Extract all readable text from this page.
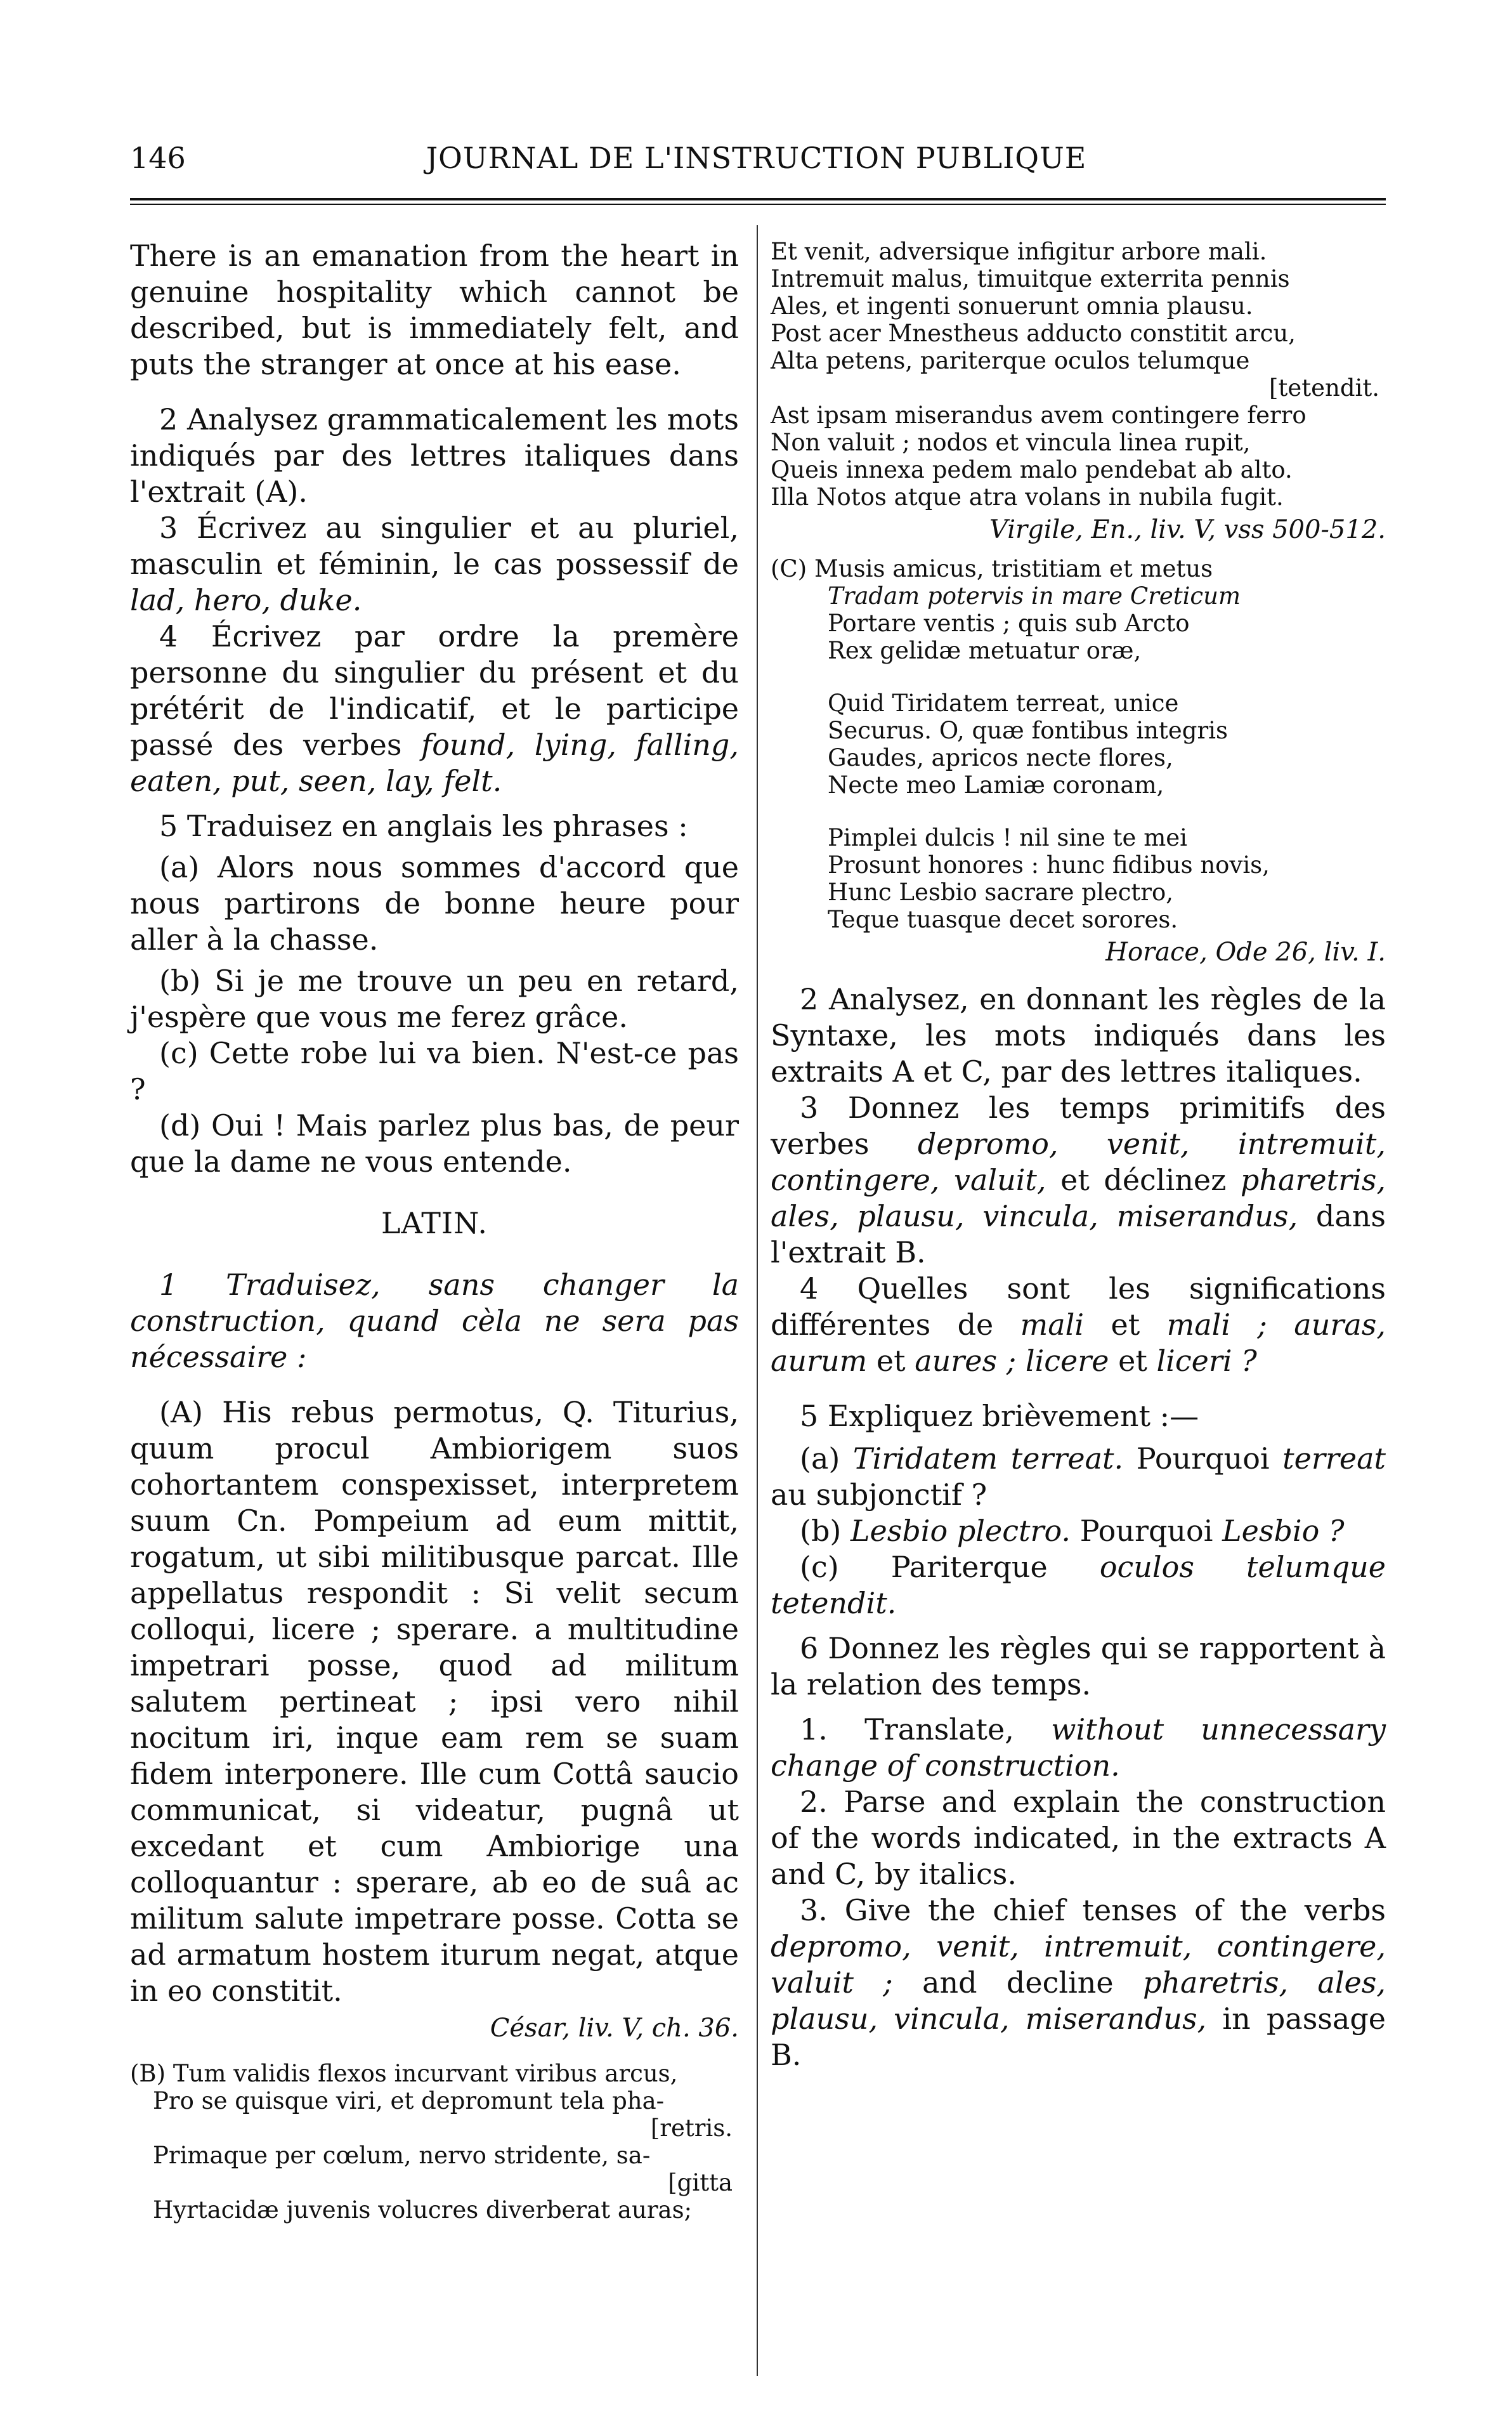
146	JOURNAL DE L'INSTRUCTION PUBLIQUE

There is an emanation from the heart in genuine hospitality which cannot be described, but is immediately felt, and puts the stranger at once at his ease.

2 Analysez grammaticalement les mots indiqués par des lettres italiques dans l'extrait (A).

3 Écrivez au singulier et au pluriel, masculin et féminin, le cas possessif de lad, hero, duke.

4 Écrivez par ordre la premère personne du singulier du présent et du prétérit de l'indicatif, et le participe passé des verbes found, lying, falling, eaten, put, seen, lay, felt.

5 Traduisez en anglais les phrases :

(a) Alors nous sommes d'accord que nous partirons de bonne heure pour aller à la chasse.

(b) Si je me trouve un peu en retard, j'espère que vous me ferez grâce.

(c) Cette robe lui va bien. N'est-ce pas ?

(d) Oui ! Mais parlez plus bas, de peur que la dame ne vous entende.

LATIN.

1 Traduisez, sans changer la construction, quand cèla ne sera pas nécessaire :

(A) His rebus permotus, Q. Titurius, quum procul Ambiorigem suos cohortantem conspexisset, interpretem suum Cn. Pompeium ad eum mittit, rogatum, ut sibi militibusque parcat. Ille appellatus respondit : Si velit secum colloqui, licere ; sperare. a multitudine impetrari posse, quod ad militum salutem pertineat ; ipsi vero nihil nocitum iri, inque eam rem se suam fidem interponere. Ille cum Cottâ saucio communicat, si videatur, pugnâ ut excedant et cum Ambiorige una colloquantur : sperare, ab eo de suâ ac militum salute impetrare posse. Cotta se ad armatum hostem iturum negat, atque in eo constitit.

César, liv. V, ch. 36.

(B) Tum validis flexos incurvant viribus arcus,
Pro se quisque viri, et depromunt tela pha-
[retris.
Primaque per cœlum, nervo stridente, sa-
[gitta
Hyrtacidæ juvenis volucres diverberat auras;
Et venit, adversique infigitur arbore mali.
Intremuit malus, timuitque exterrita pennis
Ales, et ingenti sonuerunt omnia plausu.
Post acer Mnestheus adducto constitit arcu,
Alta petens, pariterque oculos telumque
[tetendit.
Ast ipsam miserandus avem contingere ferro
Non valuit ; nodos et vincula linea rupit,
Queis innexa pedem malo pendebat ab alto.
Illa Notos atque atra volans in nubila fugit.

Virgile, En., liv. V, vss 500-512.

(C) Musis amicus, tristitiam et metus
Tradam potervis in mare Creticum
Portare ventis ; quis sub Arcto
Rex gelidæ metuatur oræ,
Quid Tiridatem terreat, unice
Securus. O, quæ fontibus integris
Gaudes, apricos necte flores,
Necte meo Lamiæ coronam,
Pimplei dulcis ! nil sine te mei
Prosunt honores : hunc fidibus novis,
Hunc Lesbio sacrare plectro,
Teque tuasque decet sorores.

Horace, Ode 26, liv. I.

2 Analysez, en donnant les règles de la Syntaxe, les mots indiqués dans les extraits A et C, par des lettres italiques.

3 Donnez les temps primitifs des verbes depromo, venit, intremuit, contingere, valuit, et déclinez pharetris, ales, plausu, vincula, miserandus, dans l'extrait B.

4 Quelles sont les significations différentes de mali et mali ; auras, aurum et aures ; licere et liceri ?

5 Expliquez brièvement :—

(a) Tiridatem terreat. Pourquoi terreat au subjonctif ?

(b) Lesbio plectro. Pourquoi Lesbio ?

(c) Pariterque oculos telumque tetendit.

6 Donnez les règles qui se rapportent à la relation des temps.

1. Translate, without unnecessary change of construction.

2. Parse and explain the construction of the words indicated, in the extracts A and C, by italics.

3. Give the chief tenses of the verbs depromo, venit, intremuit, contingere, valuit ; and decline pharetris, ales, plausu, vincula, miserandus, in passage B.
